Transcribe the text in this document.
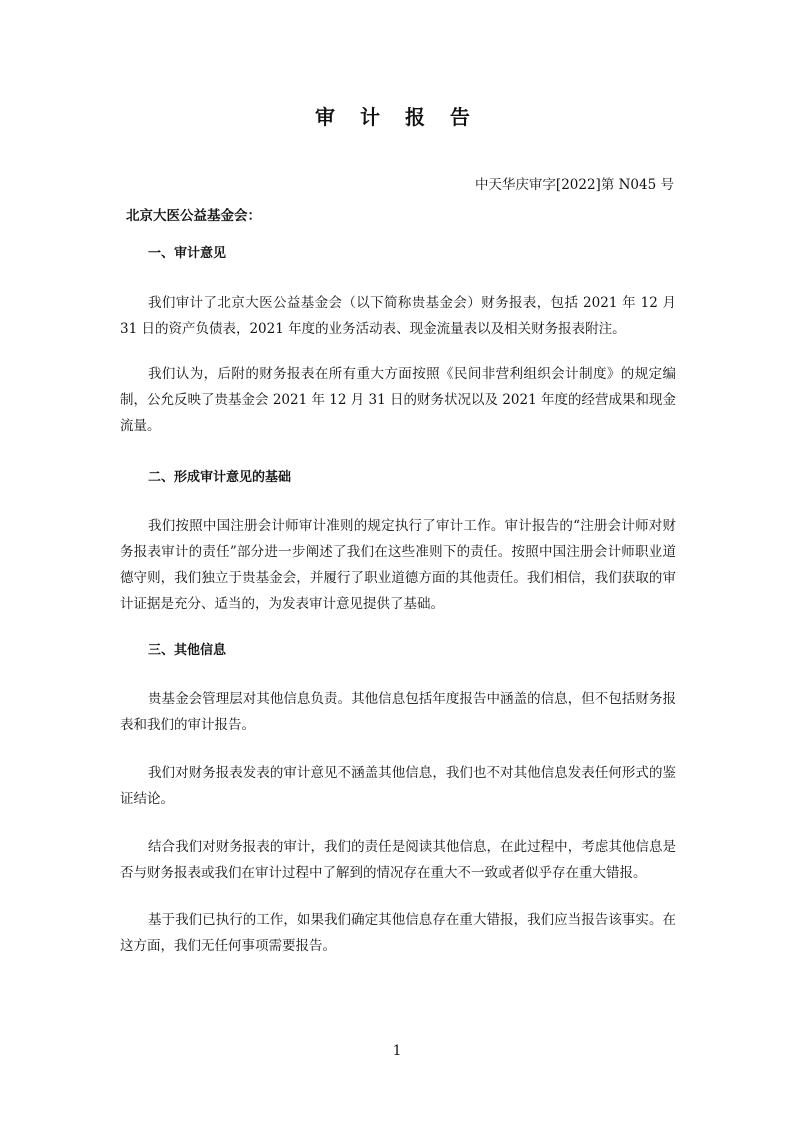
审 计 报 告
中天华庆审字[2022]第 N045 号
北京大医公益基金会：
一、审计意见
我们审计了北京大医公益基金会（以下简称贵基金会）财务报表，包括 2021 年 12 月 31 日的资产负债表，2021 年度的业务活动表、现金流量表以及相关财务报表附注。
我们认为，后附的财务报表在所有重大方面按照《民间非营利组织会计制度》的规定编制，公允反映了贵基金会 2021 年 12 月 31 日的财务状况以及 2021 年度的经营成果和现金流量。
二、形成审计意见的基础
我们按照中国注册会计师审计准则的规定执行了审计工作。审计报告的“注册会计师对财务报表审计的责任”部分进一步阐述了我们在这些准则下的责任。按照中国注册会计师职业道德守则，我们独立于贵基金会，并履行了职业道德方面的其他责任。我们相信，我们获取的审计证据是充分、适当的，为发表审计意见提供了基础。
三、其他信息
贵基金会管理层对其他信息负责。其他信息包括年度报告中涵盖的信息，但不包括财务报表和我们的审计报告。
我们对财务报表发表的审计意见不涵盖其他信息，我们也不对其他信息发表任何形式的鉴证结论。
结合我们对财务报表的审计，我们的责任是阅读其他信息，在此过程中，考虑其他信息是否与财务报表或我们在审计过程中了解到的情况存在重大不一致或者似乎存在重大错报。
基于我们已执行的工作，如果我们确定其他信息存在重大错报，我们应当报告该事实。在这方面，我们无任何事项需要报告。
1
